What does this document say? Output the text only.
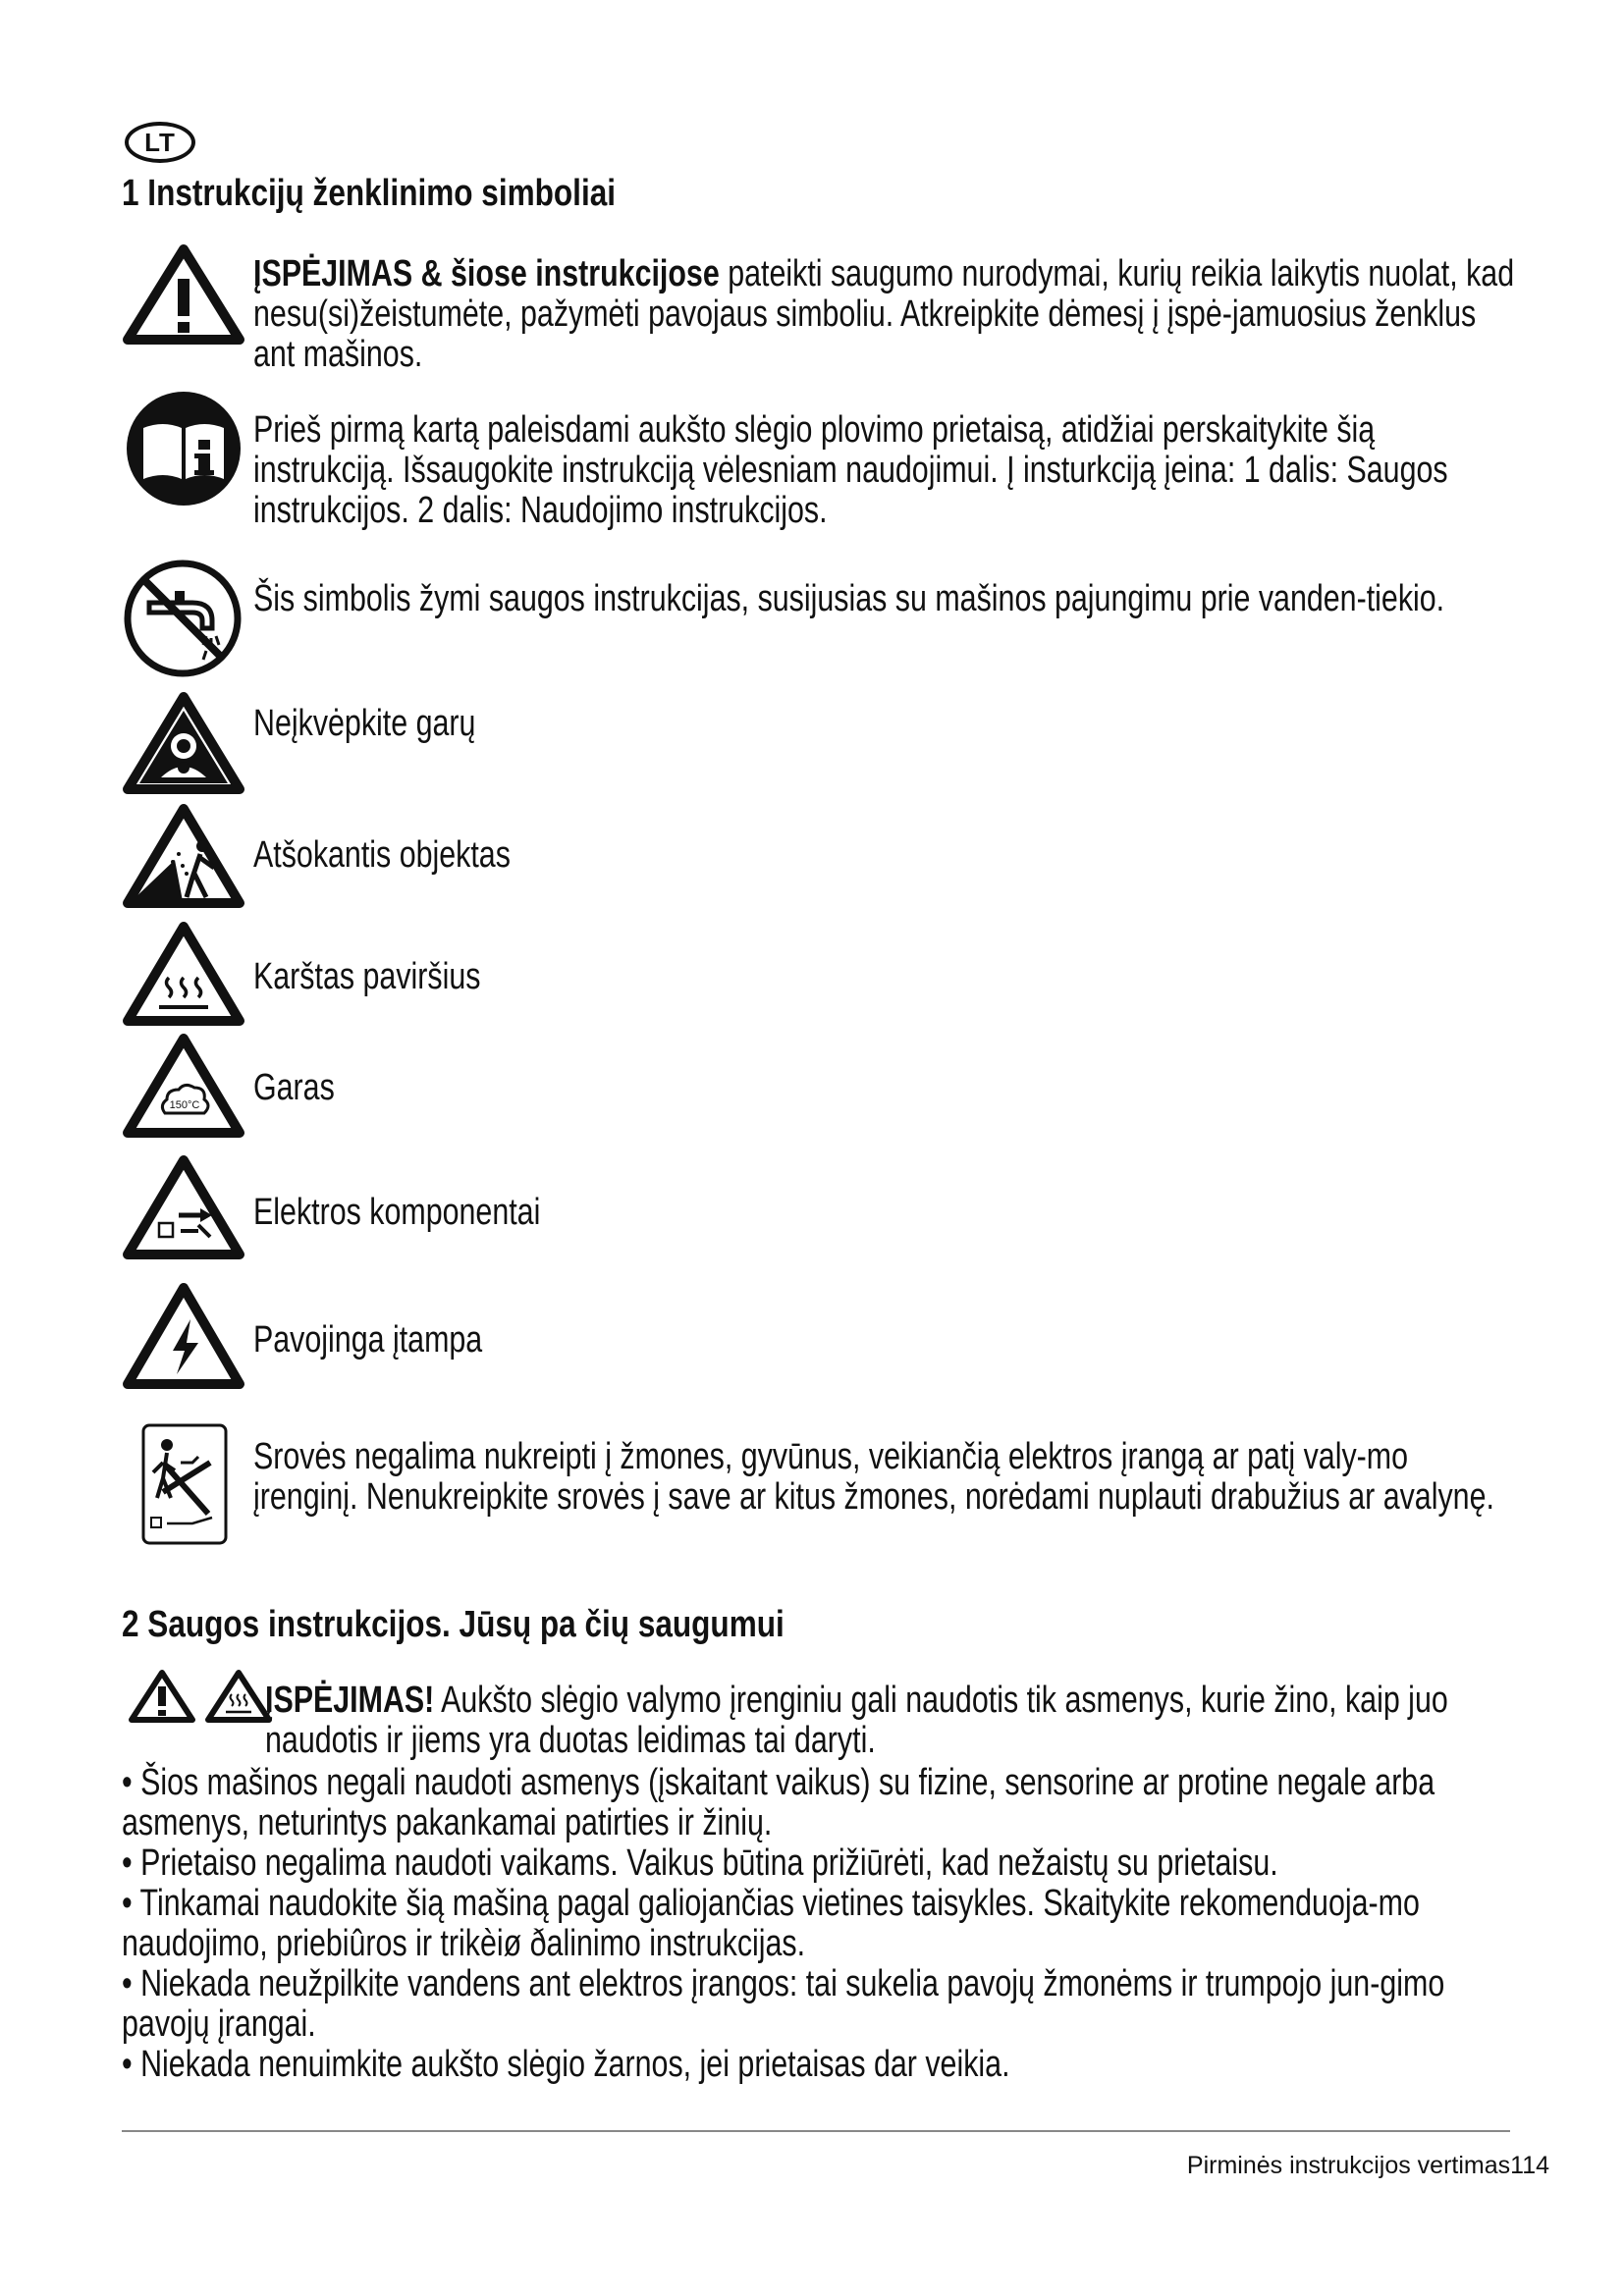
LT
1 Instrukcijų ženklinimo simboliai
ĮSPĖJIMAS & šiose instrukcijose pateikti saugumo nurodymai, kurių reikia laikytis nuolat, kad nesu(si)žeistumėte, pažymėti pavojaus simboliu. Atkreipkite dėmesį į įspė-jamuosius ženklus ant mašinos.
Prieš pirmą kartą paleisdami aukšto slėgio plovimo prietaisą, atidžiai perskaitykite šią instrukciją. Išsaugokite instrukciją vėlesniam naudojimui. Į insturkciją įeina: 1 dalis: Saugos instrukcijos. 2 dalis: Naudojimo instrukcijos.
Šis simbolis žymi saugos instrukcijas, susijusias su mašinos pajungimu prie vanden-tiekio.
Neįkvėpkite garų
Atšokantis objektas
Karštas paviršius
150°C Garas
Elektros komponentai
Pavojinga įtampa
Srovės negalima nukreipti į žmones, gyvūnus, veikiančią elektros įrangą ar patį valy-mo įrenginį. Nenukreipkite srovės į save ar kitus žmones, norėdami nuplauti drabužius ar avalynę.
2 Saugos instrukcijos. Jūsų pa čių saugumui
ĮSPĖJIMAS! Aukšto slėgio valymo įrenginiu gali naudotis tik asmenys, kurie žino, kaip juo naudotis ir jiems yra duotas leidimas tai daryti.
• Šios mašinos negali naudoti asmenys (įskaitant vaikus) su fizine, sensorine ar protine negale arba asmenys, neturintys pakankamai patirties ir žinių.
• Prietaiso negalima naudoti vaikams. Vaikus būtina prižiūrėti, kad nežaistų su prietaisu.
• Tinkamai naudokite šią mašiną pagal galiojančias vietines taisykles. Skaitykite rekomenduoja-mo naudojimo, priebiûros ir trikèiø ðalinimo instrukcijas.
• Niekada neužpilkite vandens ant elektros įrangos: tai sukelia pavojų žmonėms ir trumpojo jun-gimo pavojų įrangai.
• Niekada nenuimkite aukšto slėgio žarnos, jei prietaisas dar veikia.
Pirminės instrukcijos vertimas114
